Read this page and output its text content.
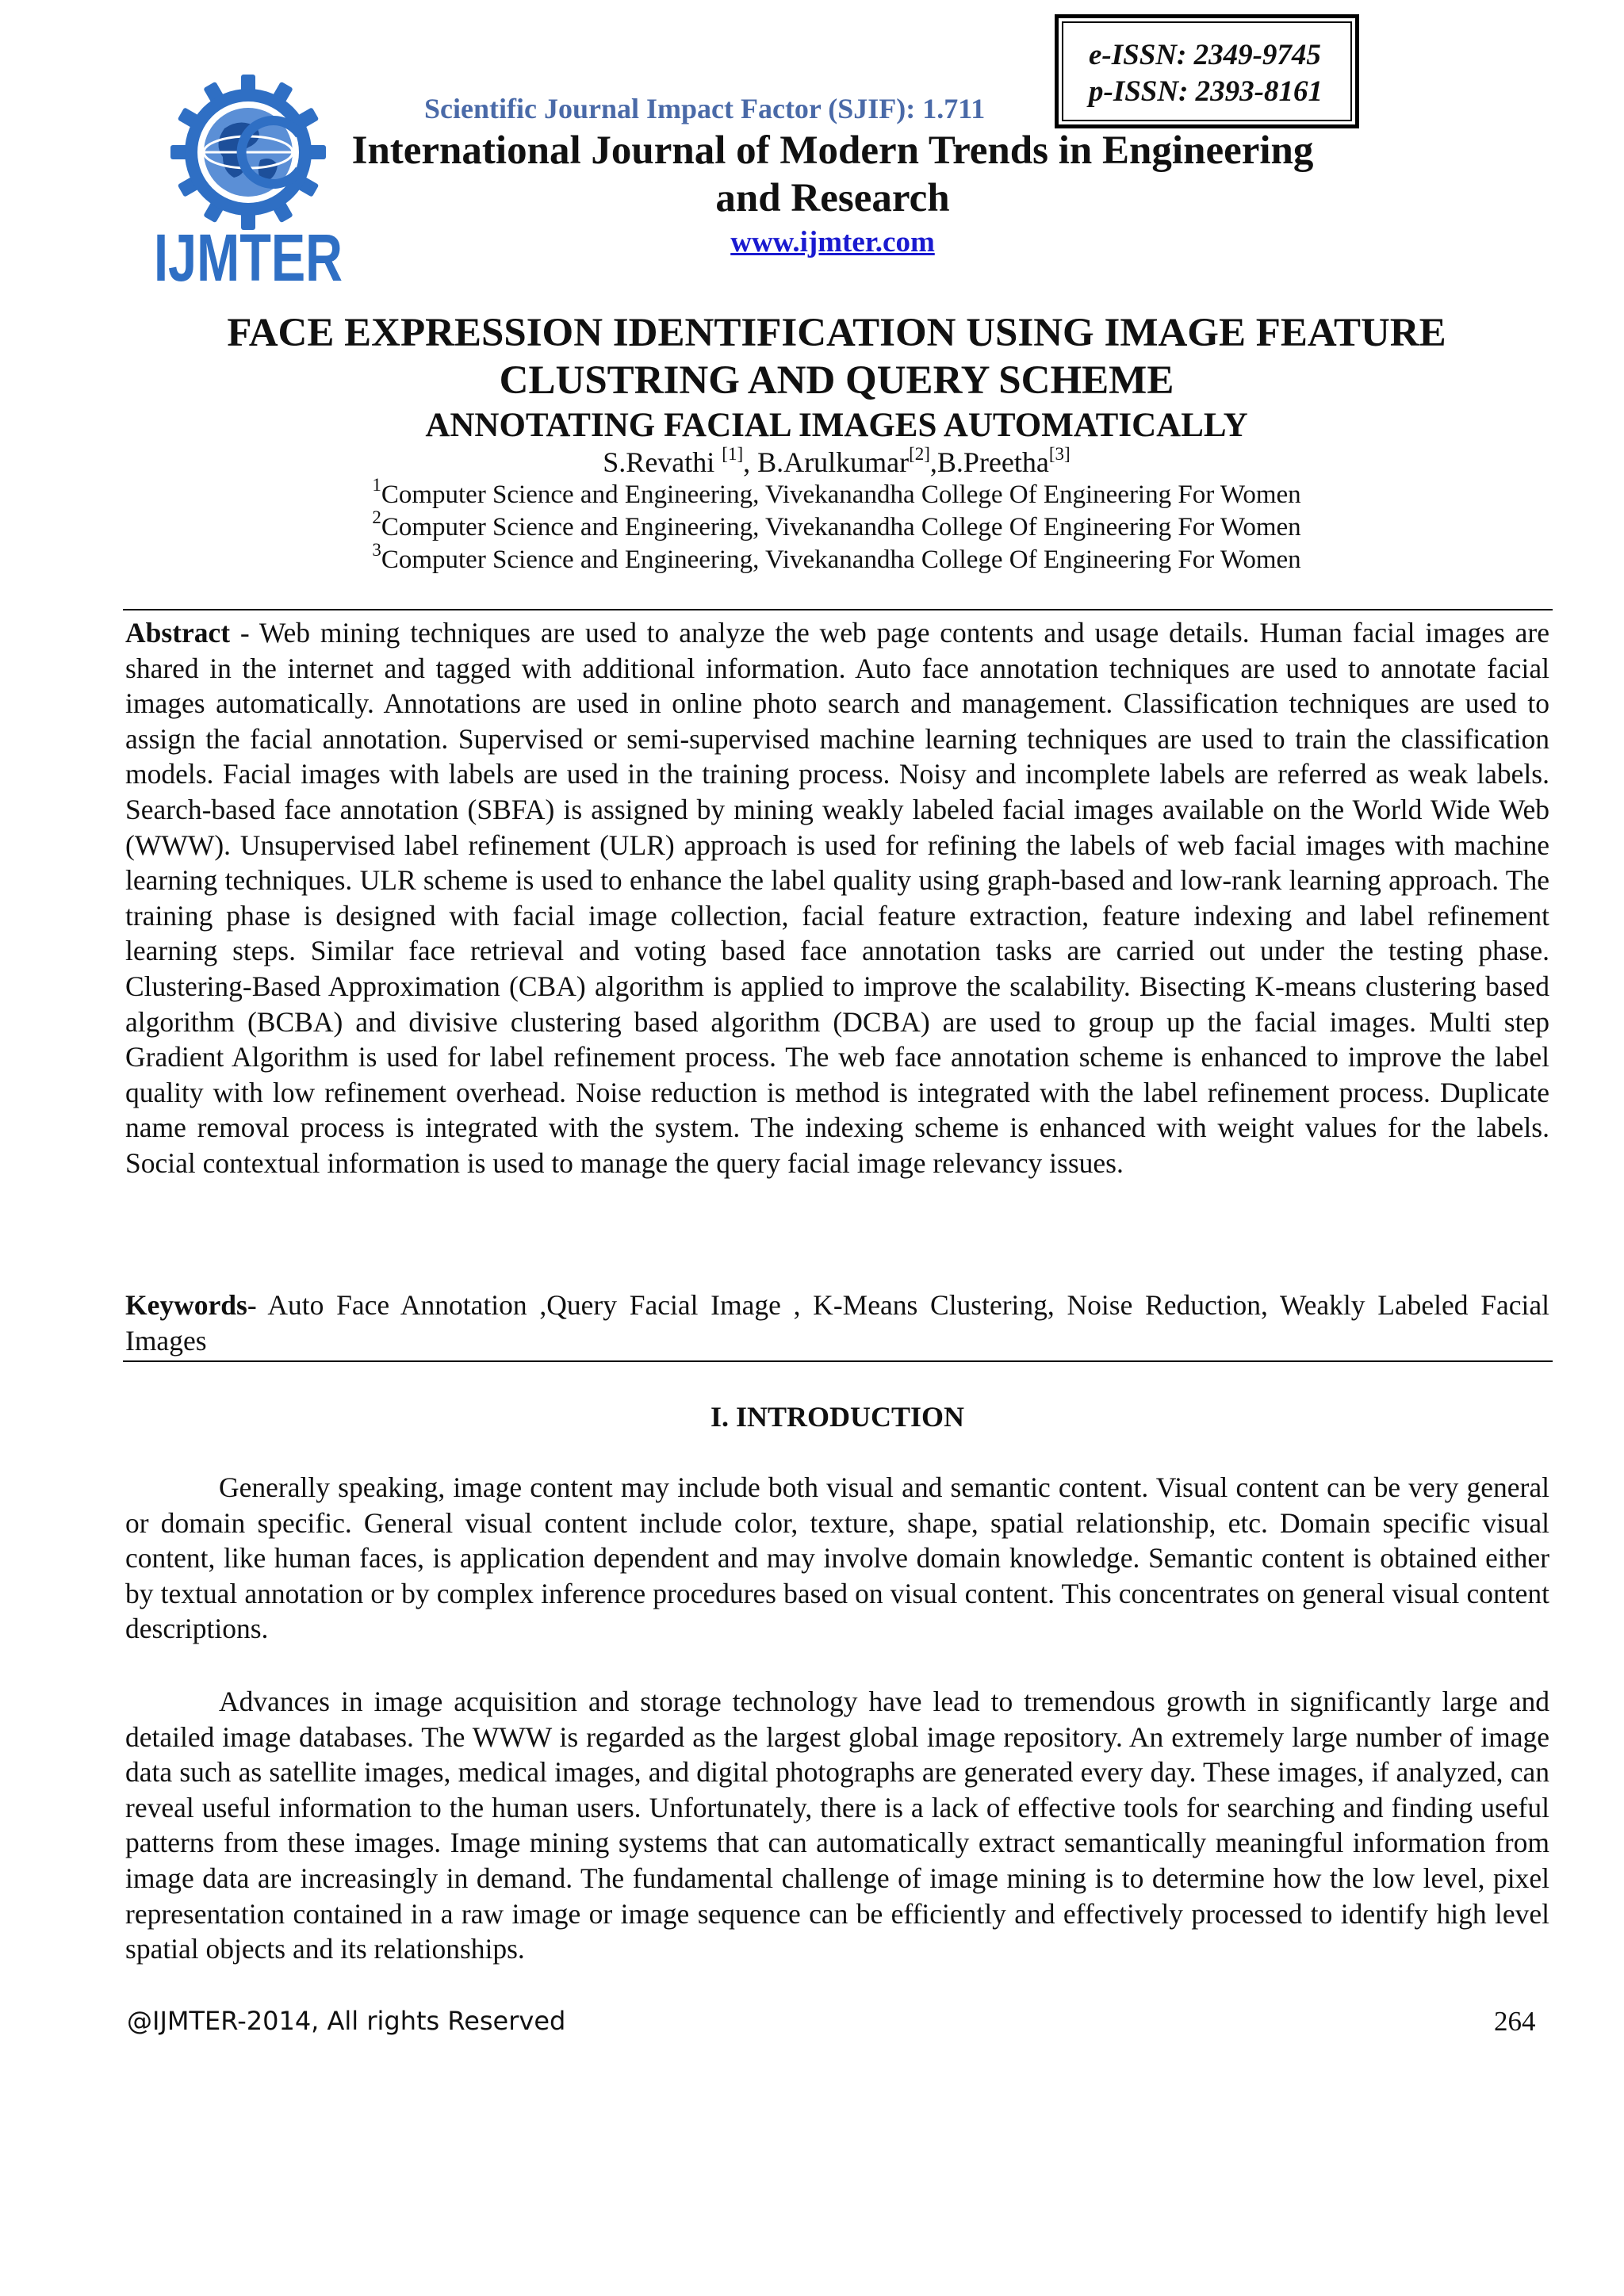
IJMTER
Scientific Journal Impact Factor (SJIF): 1.711
e-ISSN: 2349-9745
p-ISSN: 2393-8161
International Journal of Modern Trends in Engineering and Research
www.ijmter.com
FACE EXPRESSION IDENTIFICATION USING IMAGE FEATURE CLUSTRING AND QUERY SCHEME
ANNOTATING FACIAL IMAGES AUTOMATICALLY
S.Revathi [1], B.Arulkumar[2],B.Preetha[3]
$^1$Computer Science and Engineering, Vivekanandha College Of Engineering For Women
$^2$Computer Science and Engineering, Vivekanandha College Of Engineering For Women
$^3$Computer Science and Engineering, Vivekanandha College Of Engineering For Women
Abstract - Web mining techniques are used to analyze the web page contents and usage details. Human facial images are shared in the internet and tagged with additional information. Auto face annotation techniques are used to annotate facial images automatically. Annotations are used in online photo search and management. Classification techniques are used to assign the facial annotation. Supervised or semi-supervised machine learning techniques are used to train the classification models. Facial images with labels are used in the training process. Noisy and incomplete labels are referred as weak labels. Search-based face annotation (SBFA) is assigned by mining weakly labeled facial images available on the World Wide Web (WWW). Unsupervised label refinement (ULR) approach is used for refining the labels of web facial images with machine learning techniques. ULR scheme is used to enhance the label quality using graph-based and low-rank learning approach. The training phase is designed with facial image collection, facial feature extraction, feature indexing and label refinement learning steps. Similar face retrieval and voting based face annotation tasks are carried out under the testing phase. Clustering-Based Approximation (CBA) algorithm is applied to improve the scalability. Bisecting K-means clustering based algorithm (BCBA) and divisive clustering based algorithm (DCBA) are used to group up the facial images. Multi step Gradient Algorithm is used for label refinement process. The web face annotation scheme is enhanced to improve the label quality with low refinement overhead. Noise reduction is method is integrated with the label refinement process. Duplicate name removal process is integrated with the system. The indexing scheme is enhanced with weight values for the labels. Social contextual information is used to manage the query facial image relevancy issues.
Keywords- Auto Face Annotation ,Query Facial Image , K-Means Clustering, Noise Reduction, Weakly Labeled Facial Images
I. INTRODUCTION
Generally speaking, image content may include both visual and semantic content. Visual content can be very general or domain specific. General visual content include color, texture, shape, spatial relationship, etc. Domain specific visual content, like human faces, is application dependent and may involve domain knowledge. Semantic content is obtained either by textual annotation or by complex inference procedures based on visual content. This concentrates on general visual content descriptions.
Advances in image acquisition and storage technology have lead to tremendous growth in significantly large and detailed image databases. The WWW is regarded as the largest global image repository. An extremely large number of image data such as satellite images, medical images, and digital photographs are generated every day. These images, if analyzed, can reveal useful information to the human users. Unfortunately, there is a lack of effective tools for searching and finding useful patterns from these images. Image mining systems that can automatically extract semantically meaningful information from image data are increasingly in demand. The fundamental challenge of image mining is to determine how the low level, pixel representation contained in a raw image or image sequence can be efficiently and effectively processed to identify high level spatial objects and its relationships.
@IJMTER-2014, All rights Reserved	264
